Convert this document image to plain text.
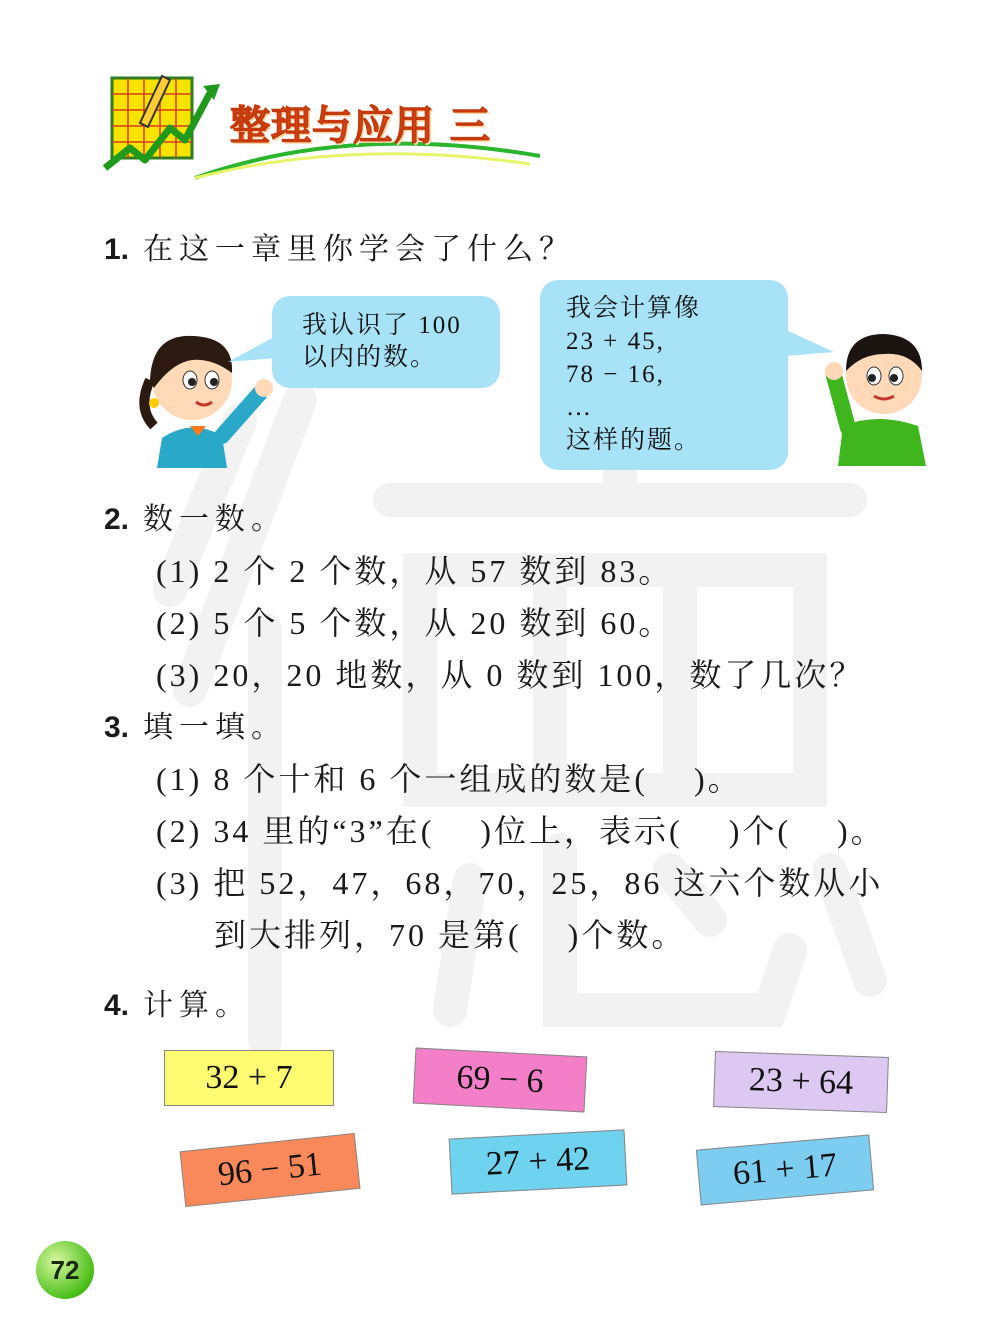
整理与应用 三
1. 在这一章里你学会了什么？
我认识了 100
以内的数。
我会计算像
23 + 45,
78 − 16,
…
这样的题。
2. 数一数。
(1) 2 个 2 个数，从 57 数到 83。
(2) 5 个 5 个数，从 20 数到 60。
(3) 20，20 地数，从 0 数到 100，数了几次？
3. 填一填。
(1) 8 个十和 6 个一组成的数是(　 )。
(2) 34 里的“3”在(　 )位上，表示(　 )个(　 )。
(3) 把 52，47，68，70，25，86 这六个数从小
到大排列，70 是第(　 )个数。
4. 计算。
32 + 7	69 − 6	23 + 64
96 − 51	27 + 42	61 + 17
72
